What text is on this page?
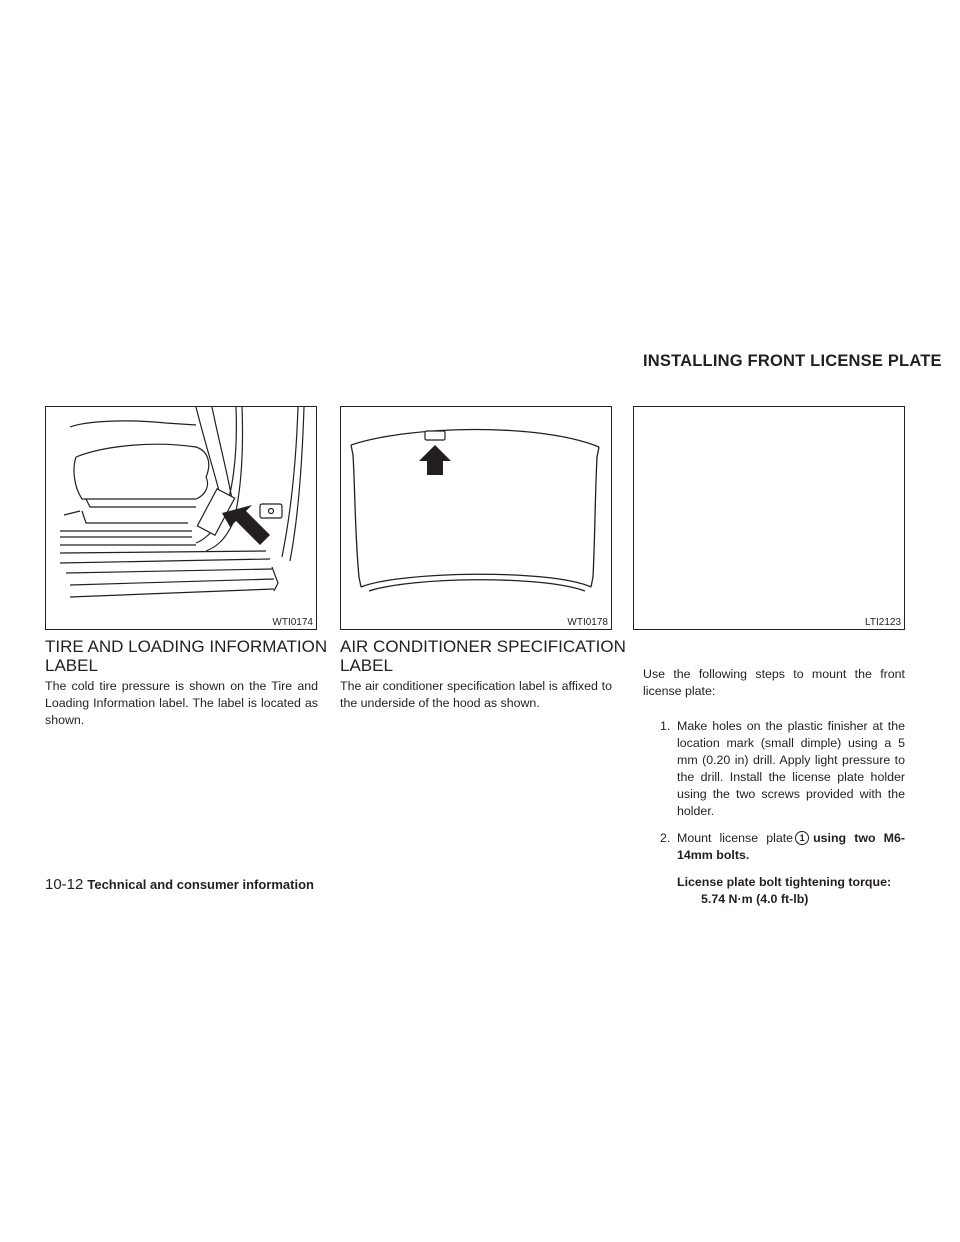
INSTALLING FRONT LICENSE PLATE
WTI0174	WTI0178	LTI2123
TIRE AND LOADING INFORMATION LABEL

The cold tire pressure is shown on the Tire and Loading Information label. The label is located as shown.

AIR CONDITIONER SPECIFICATION LABEL

The air conditioner specification label is affixed to the underside of the hood as shown.

Use the following steps to mount the front license plate:

1. Make holes on the plastic finisher at the location mark (small dimple) using a 5 mm (0.20 in) drill. Apply light pressure to the drill. Install the license plate holder using the two screws provided with the holder.

2. Mount license plate 1 using two M6-14mm bolts.

License plate bolt tightening torque:
5.74 N·m (4.0 ft-lb)
10-12 Technical and consumer information
